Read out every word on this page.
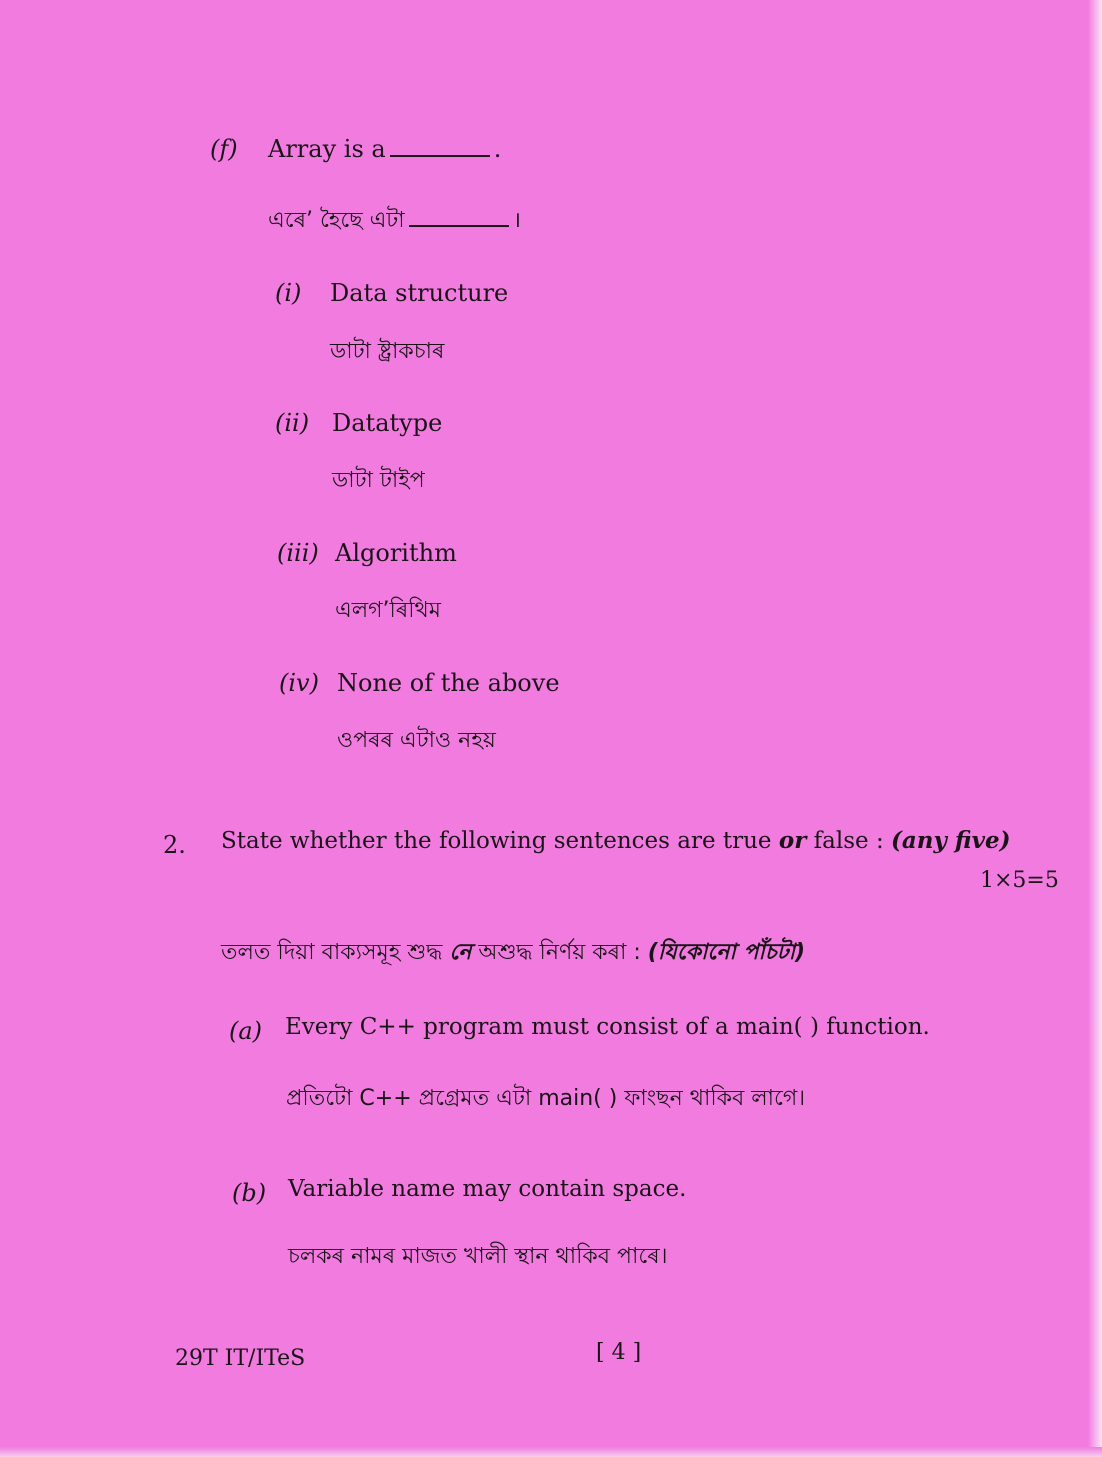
(f) Array is a	.
এৰে’ হৈছে এটা	।
(i) Data structure
ডাটা ষ্ট্ৰাকচাৰ
(ii) Datatype
ডাটা টাইপ
(iii) Algorithm
এলগ’ৰিথিম
(iv) None of the above
ওপৰৰ এটাও নহয়
2. State whether the following sentences are true or false : (any five)
1×5=5
তলত দিয়া বাক্যসমূহ শুদ্ধ নে অশুদ্ধ নিৰ্ণয় কৰা : (যিকোনো পাঁচটা)
(a) Every C++ program must consist of a main( ) function.
প্ৰতিটো C++ প্ৰগ্ৰেমত এটা main( ) ফাংছন থাকিব লাগে।
(b) Variable name may contain space.
চলকৰ নামৰ মাজত খালী স্থান থাকিব পাৰে।
29T IT/ITeS	[ 4 ]
